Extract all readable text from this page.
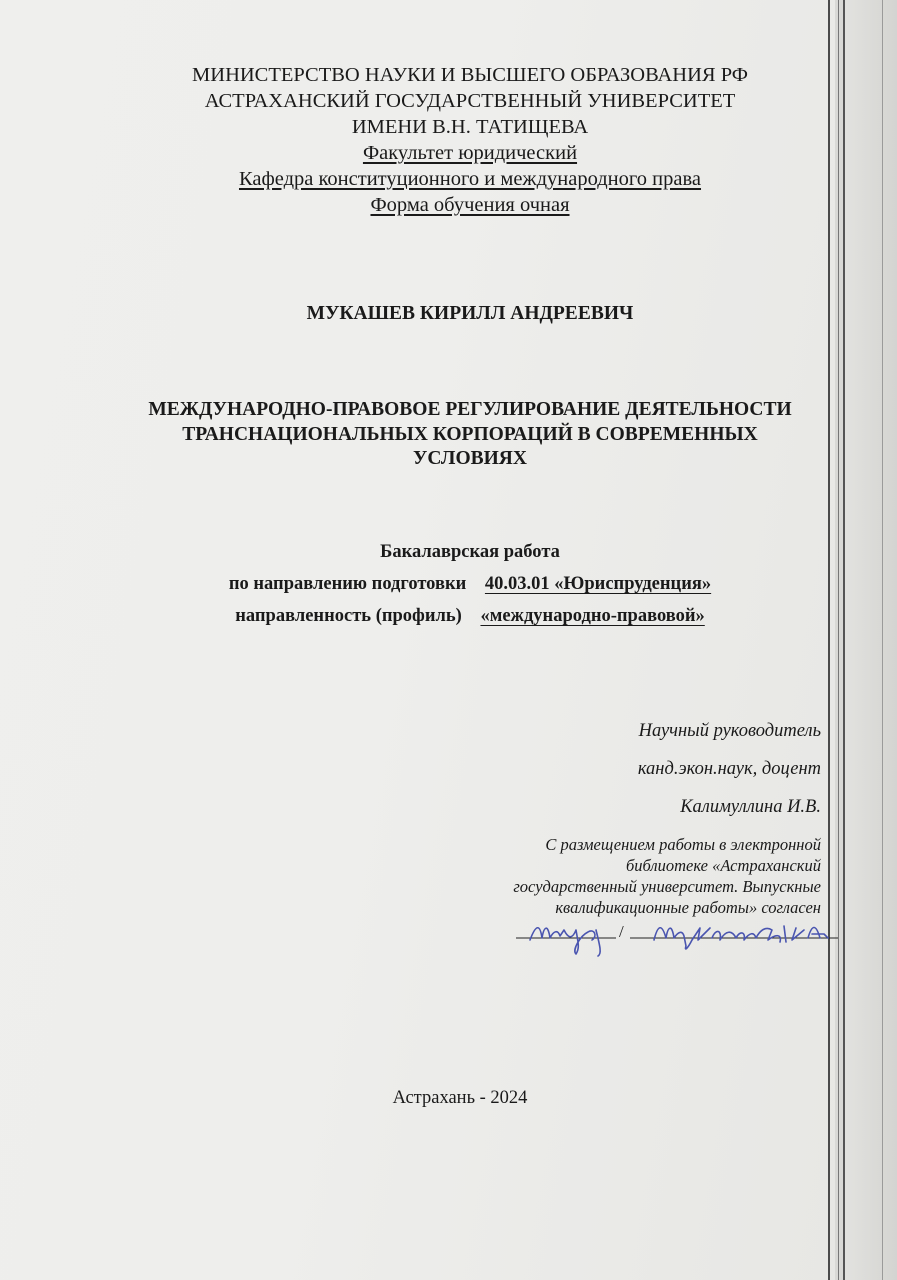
МИНИСТЕРСТВО НАУКИ И ВЫСШЕГО ОБРАЗОВАНИЯ РФ
АСТРАХАНСКИЙ ГОСУДАРСТВЕННЫЙ УНИВЕРСИТЕТ
ИМЕНИ В.Н. ТАТИЩЕВА
Факультет юридический
Кафедра конституционного и международного права
Форма обучения очная
МУКАШЕВ КИРИЛЛ АНДРЕЕВИЧ
МЕЖДУНАРОДНО-ПРАВОВОЕ РЕГУЛИРОВАНИЕ ДЕЯТЕЛЬНОСТИ
ТРАНСНАЦИОНАЛЬНЫХ КОРПОРАЦИЙ В СОВРЕМЕННЫХ
УСЛОВИЯХ
Бакалаврская работа
по направлению подготовки 40.03.01 «Юриспруденция»
направленность (профиль) «международно-правовой»
Научный руководитель
канд.экон.наук, доцент
Калимуллина И.В.
С размещением работы в электронной
библиотеке «Астраханский
государственный университет. Выпускные
квалификационные работы» согласен
/
Астрахань - 2024
